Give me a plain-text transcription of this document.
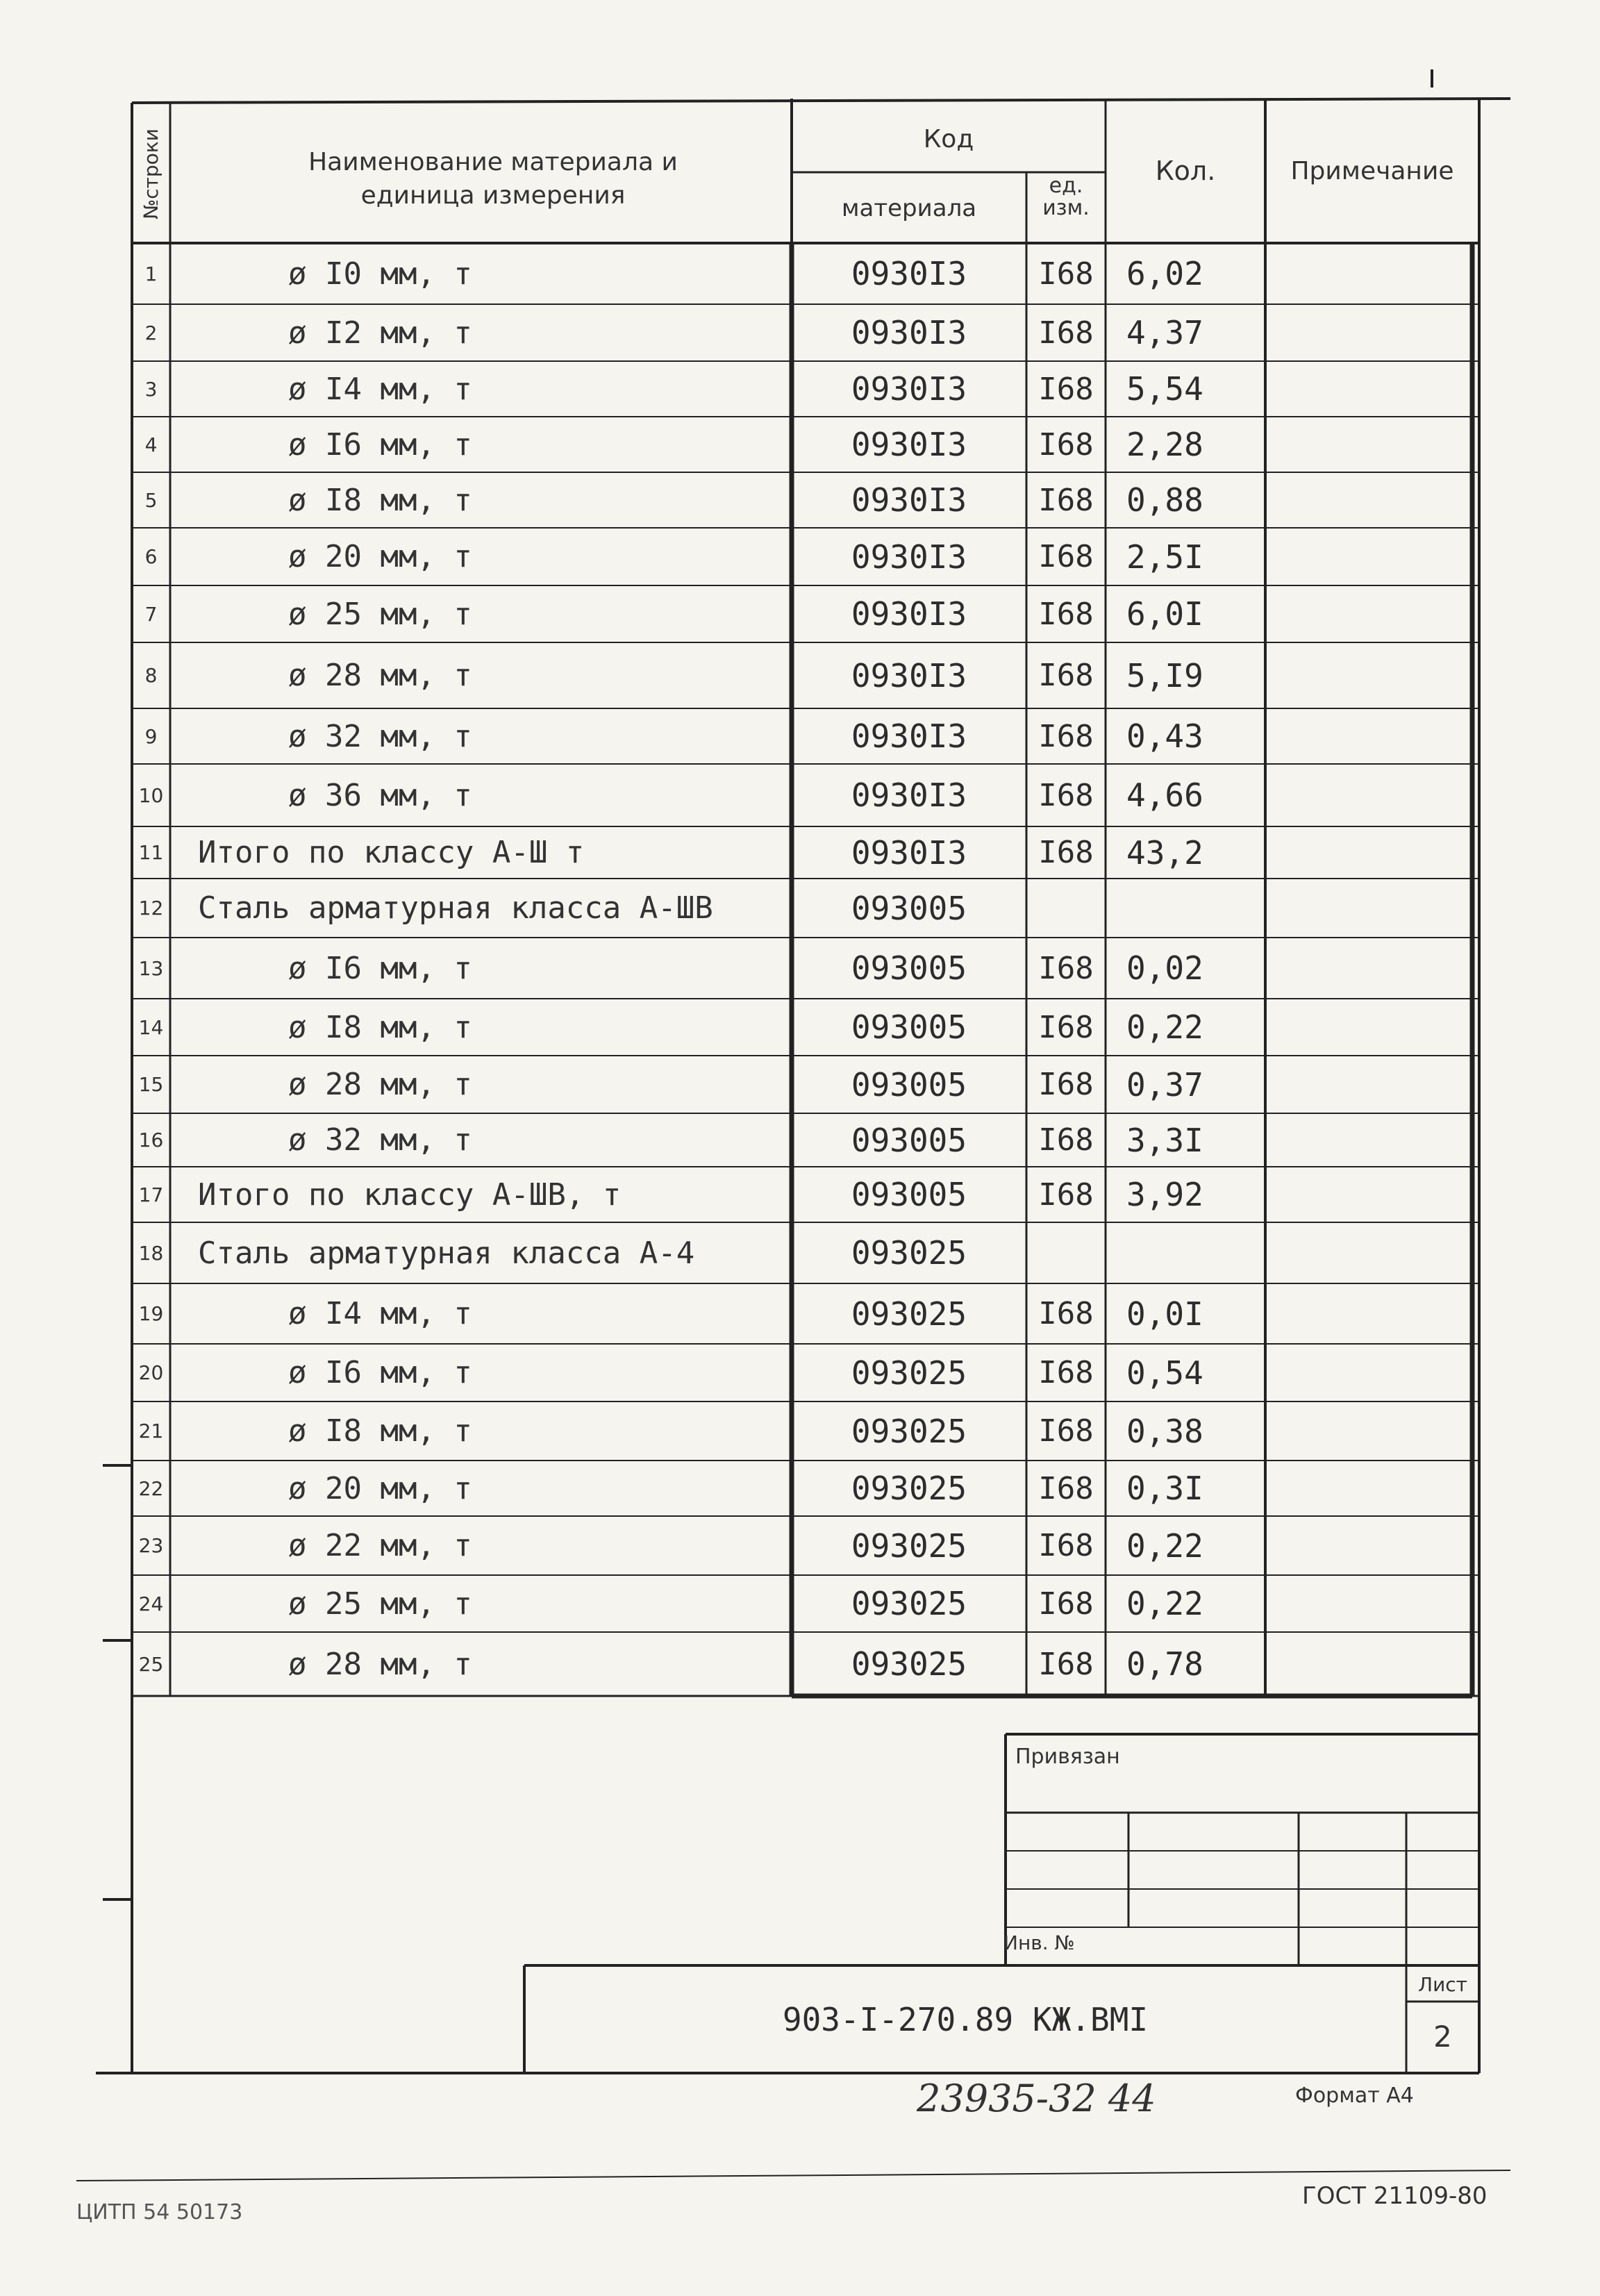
№строки	Наименование материала и
единица измерения
Код
материала
ед.
изм.
Кол.	Примечание
1	ø I0 мм, т	0930I3	I68	6,02
2	ø I2 мм, т	0930I3	I68	4,37
3	ø I4 мм, т	0930I3	I68	5,54
4	ø I6 мм, т	0930I3	I68	2,28
5	ø I8 мм, т	0930I3	I68	0,88
6	ø 20 мм, т	0930I3	I68	2,5I
7	ø 25 мм, т	0930I3	I68	6,0I
8	ø 28 мм, т	0930I3	I68	5,I9
9	ø 32 мм, т	0930I3	I68	0,43
10	ø 36 мм, т	0930I3	I68	4,66
11	Итого по классу А-Ш т	0930I3	I68	43,2
12	Сталь арматурная класса А-ШВ	093005
13	ø I6 мм, т	093005	I68	0,02
14	ø I8 мм, т	093005	I68	0,22
15	ø 28 мм, т	093005	I68	0,37
16	ø 32 мм, т	093005	I68	3,3I
17	Итого по классу А-ШВ, т	093005	I68	3,92
18	Сталь арматурная класса А-4	093025
19	ø I4 мм, т	093025	I68	0,0I
20	ø I6 мм, т	093025	I68	0,54
21	ø I8 мм, т	093025	I68	0,38
22	ø 20 мм, т	093025	I68	0,3I
23	ø 22 мм, т	093025	I68	0,22
24	ø 25 мм, т	093025	I68	0,22
25	ø 28 мм, т	093025	I68	0,78
Привязан
Инв. №
903-I-270.89 КЖ.ВМI
Лист
2
23935-32 44	Формат А4
ЦИТП 54 50173
ГОСТ 21109-80
